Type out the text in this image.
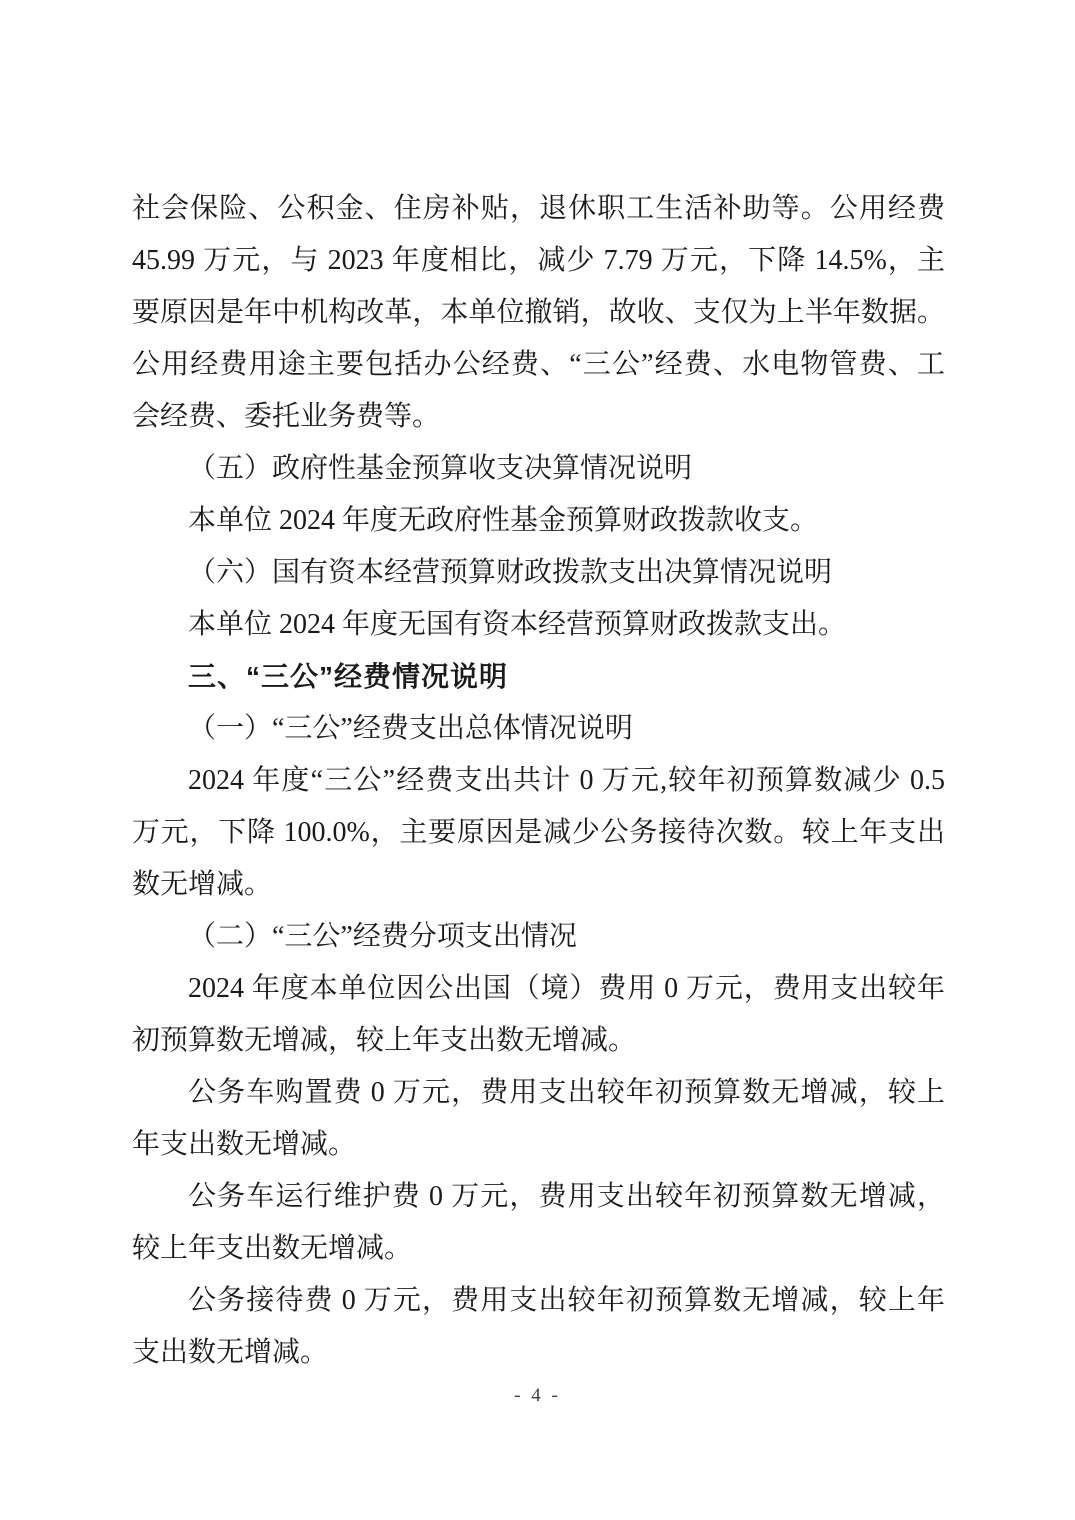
社会保险、公积金、住房补贴，退休职工生活补助等。公用经费
45.99 万元，与 2023 年度相比，减少 7.79 万元，下降 14.5%，主
要原因是年中机构改革，本单位撤销，故收、支仅为上半年数据。
公用经费用途主要包括办公经费、“三公”经费、水电物管费、工
会经费、委托业务费等。

（五）政府性基金预算收支决算情况说明

本单位 2024 年度无政府性基金预算财政拨款收支。

（六）国有资本经营预算财政拨款支出决算情况说明

本单位 2024 年度无国有资本经营预算财政拨款支出。

三、“三公”经费情况说明

（一）“三公”经费支出总体情况说明

2024 年度“三公”经费支出共计 0 万元,较年初预算数减少 0.5
万元，下降 100.0%，主要原因是减少公务接待次数。较上年支出
数无增减。

（二）“三公”经费分项支出情况

2024 年度本单位因公出国（境）费用 0 万元，费用支出较年
初预算数无增减，较上年支出数无增减。

公务车购置费 0 万元，费用支出较年初预算数无增减，较上
年支出数无增减。

公务车运行维护费 0 万元，费用支出较年初预算数无增减，
较上年支出数无增减。

公务接待费 0 万元，费用支出较年初预算数无增减，较上年
支出数无增减。

- 4 -
